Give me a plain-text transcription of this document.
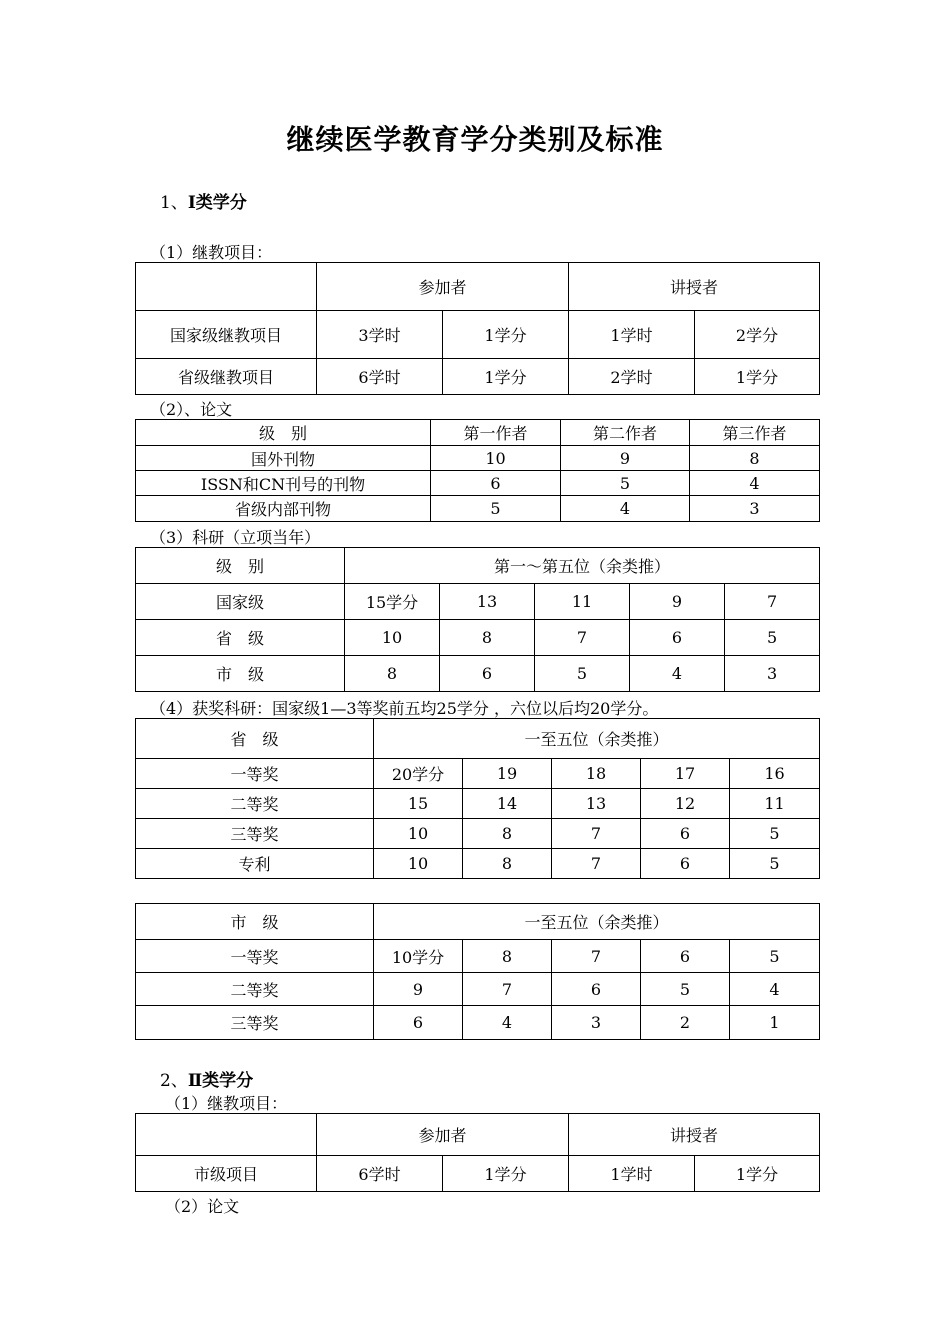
继续医学教育学分类别及标准
1、Ⅰ类学分
（1）继教项目：
	参加者		讲授者	
国家级继教项目	3学时	1学分	1学时	2学分
省级继教项目	6学时	1学分	2学时	1学分
（2）、论文
级　别	第一作者	第二作者	第三作者
国外刊物	10	9	8
ISSN和CN刊号的刊物	6	5	4
省级内部刊物	5	4	3
（3）科研（立项当年）
级　别	第一～第五位（余类推）				
国家级	15学分	13	11	9	7
省　级	10	8	7	6	5
市　级	8	6	5	4	3
（4）获奖科研：国家级1—3等奖前五均25学分 ，六位以后均20学分。
省　级	一至五位（余类推）				
一等奖	20学分	19	18	17	16
二等奖	15	14	13	12	11
三等奖	10	8	7	6	5
专利	10	8	7	6	5
市　级	一至五位（余类推）				
一等奖	10学分	8	7	6	5
二等奖	9	7	6	5	4
三等奖	6	4	3	2	1
2、Ⅱ类学分
（1）继教项目：
	参加者		讲授者	
市级项目	6学时	1学分	1学时	1学分
（2）论文
